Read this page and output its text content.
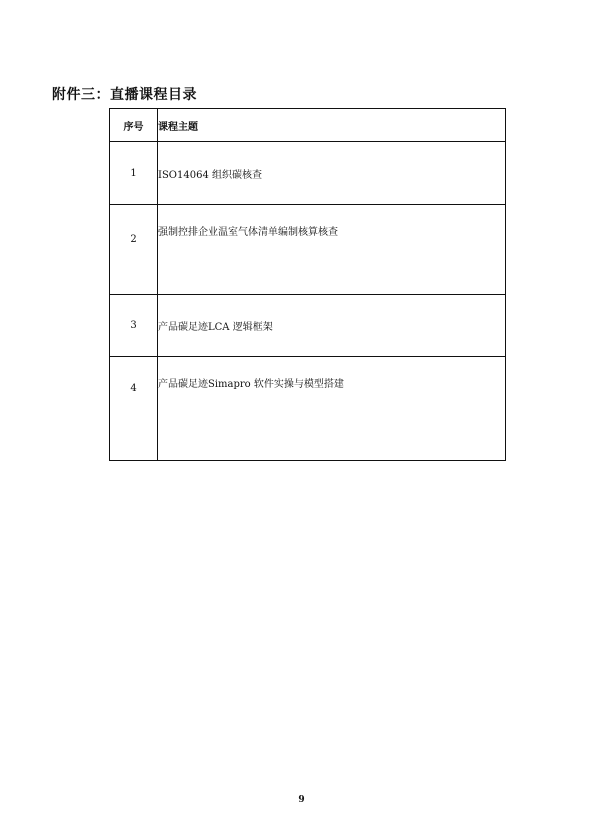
附件三：直播课程目录
序号	课程主题
1	ISO14064 组织碳核查
2	强制控排企业温室气体清单编制核算核查
3	产品碳足迹LCA 逻辑框架
4	产品碳足迹Simapro 软件实操与模型搭建
9
